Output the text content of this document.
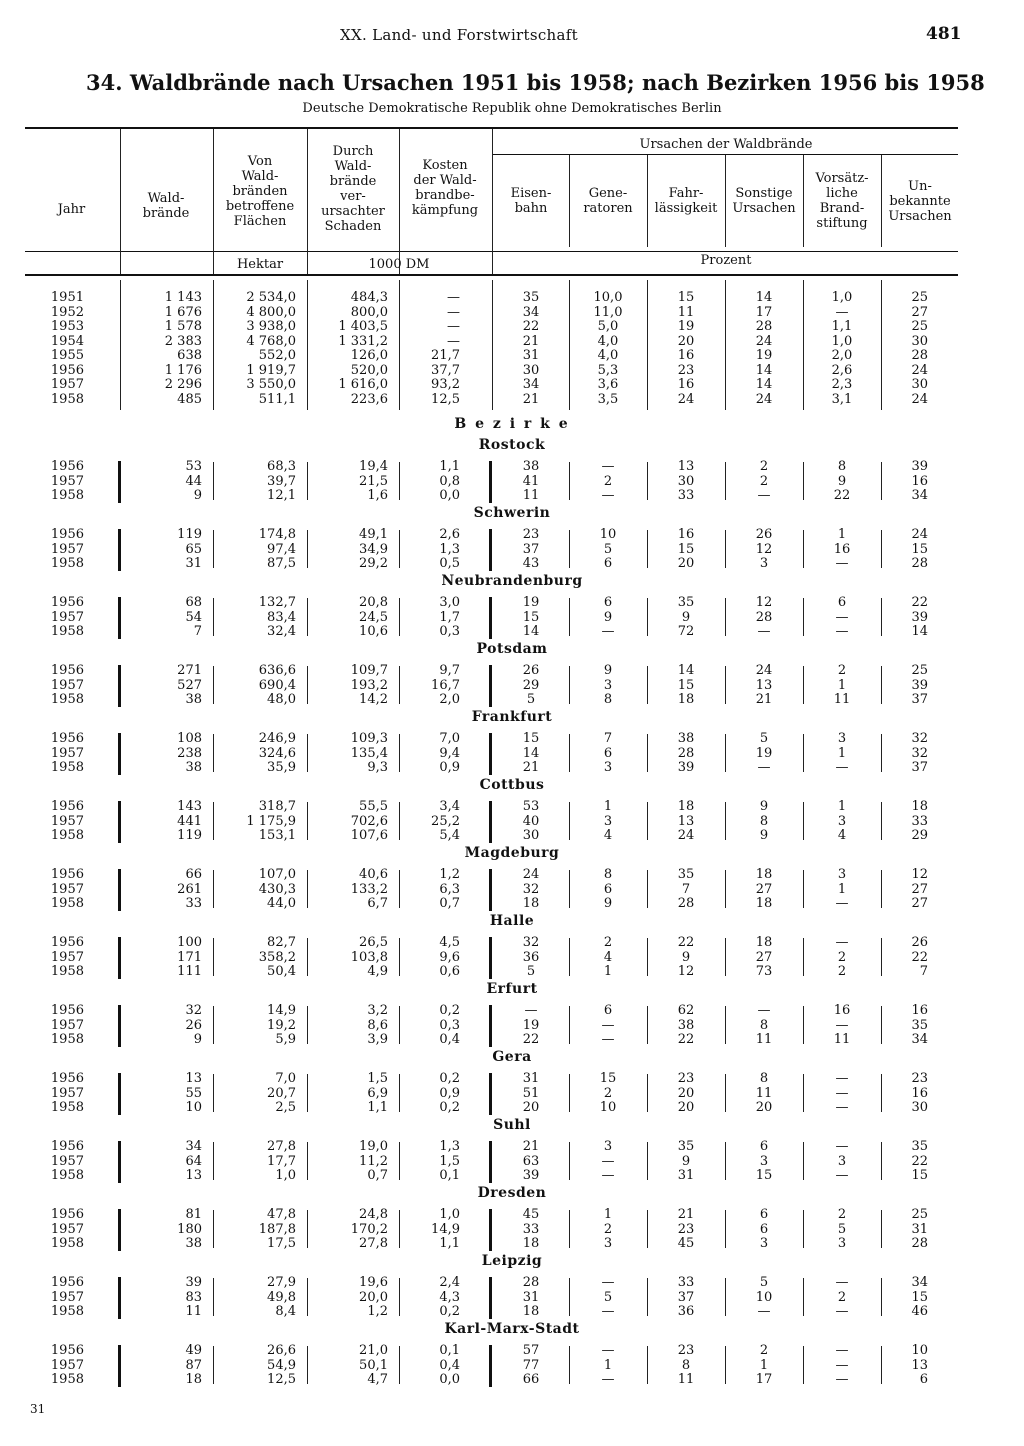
XX. Land- und Forstwirtschaft	481
34. Waldbrände nach Ursachen 1951 bis 1958; nach Bezirken 1956 bis 1958
Deutsche Demokratische Republik ohne Demokratisches Berlin
Jahr
Wald-
brände
Von
Wald-
bränden
betroffene
Flächen
Durch
Wald-
brände
ver-
ursachter
Schaden
Kosten
der Wald-
brandbe-
kämpfung
Ursachen der Waldbrände
Eisen-
bahn
Gene-
ratoren
Fahr-
lässigkeit
Sonstige
Ursachen
Vorsätz-
liche
Brand-
stiftung
Un-
bekannte
Ursachen
Hektar	1000 DM	Prozent
1951	1 143	2 534,0	484,3	—	35	10,0	15	14	1,0	25
1952	1 676	4 800,0	800,0	—	34	11,0	11	17	—	27
1953	1 578	3 938,0	1 403,5	—	22	5,0	19	28	1,1	25
1954	2 383	4 768,0	1 331,2	—	21	4,0	20	24	1,0	30
1955	638	552,0	126,0	21,7	31	4,0	16	19	2,0	28
1956	1 176	1 919,7	520,0	37,7	30	5,3	23	14	2,6	24
1957	2 296	3 550,0	1 616,0	93,2	34	3,6	16	14	2,3	30
1958	485	511,1	223,6	12,5	21	3,5	24	24	3,1	24
B e z i r k e
Rostock
1956	53	68,3	19,4	1,1	38	—	13	2	8	39
1957	44	39,7	21,5	0,8	41	2	30	2	9	16
1958	9	12,1	1,6	0,0	11	—	33	—	22	34
Schwerin
1956	119	174,8	49,1	2,6	23	10	16	26	1	24
1957	65	97,4	34,9	1,3	37	5	15	12	16	15
1958	31	87,5	29,2	0,5	43	6	20	3	—	28
Neubrandenburg
1956	68	132,7	20,8	3,0	19	6	35	12	6	22
1957	54	83,4	24,5	1,7	15	9	9	28	—	39
1958	7	32,4	10,6	0,3	14	—	72	—	—	14
Potsdam
1956	271	636,6	109,7	9,7	26	9	14	24	2	25
1957	527	690,4	193,2	16,7	29	3	15	13	1	39
1958	38	48,0	14,2	2,0	5	8	18	21	11	37
Frankfurt
1956	108	246,9	109,3	7,0	15	7	38	5	3	32
1957	238	324,6	135,4	9,4	14	6	28	19	1	32
1958	38	35,9	9,3	0,9	21	3	39	—	—	37
Cottbus
1956	143	318,7	55,5	3,4	53	1	18	9	1	18
1957	441	1 175,9	702,6	25,2	40	3	13	8	3	33
1958	119	153,1	107,6	5,4	30	4	24	9	4	29
Magdeburg
1956	66	107,0	40,6	1,2	24	8	35	18	3	12
1957	261	430,3	133,2	6,3	32	6	7	27	1	27
1958	33	44,0	6,7	0,7	18	9	28	18	—	27
Halle
1956	100	82,7	26,5	4,5	32	2	22	18	—	26
1957	171	358,2	103,8	9,6	36	4	9	27	2	22
1958	111	50,4	4,9	0,6	5	1	12	73	2	7
Erfurt
1956	32	14,9	3,2	0,2	—	6	62	—	16	16
1957	26	19,2	8,6	0,3	19	—	38	8	—	35
1958	9	5,9	3,9	0,4	22	—	22	11	11	34
Gera
1956	13	7,0	1,5	0,2	31	15	23	8	—	23
1957	55	20,7	6,9	0,9	51	2	20	11	—	16
1958	10	2,5	1,1	0,2	20	10	20	20	—	30
Suhl
1956	34	27,8	19,0	1,3	21	3	35	6	—	35
1957	64	17,7	11,2	1,5	63	—	9	3	3	22
1958	13	1,0	0,7	0,1	39	—	31	15	—	15
Dresden
1956	81	47,8	24,8	1,0	45	1	21	6	2	25
1957	180	187,8	170,2	14,9	33	2	23	6	5	31
1958	38	17,5	27,8	1,1	18	3	45	3	3	28
Leipzig
1956	39	27,9	19,6	2,4	28	—	33	5	—	34
1957	83	49,8	20,0	4,3	31	5	37	10	2	15
1958	11	8,4	1,2	0,2	18	—	36	—	—	46
Karl-Marx-Stadt
1956	49	26,6	21,0	0,1	57	—	23	2	—	10
1957	87	54,9	50,1	0,4	77	1	8	1	—	13
1958	18	12,5	4,7	0,0	66	—	11	17	—	6
31
